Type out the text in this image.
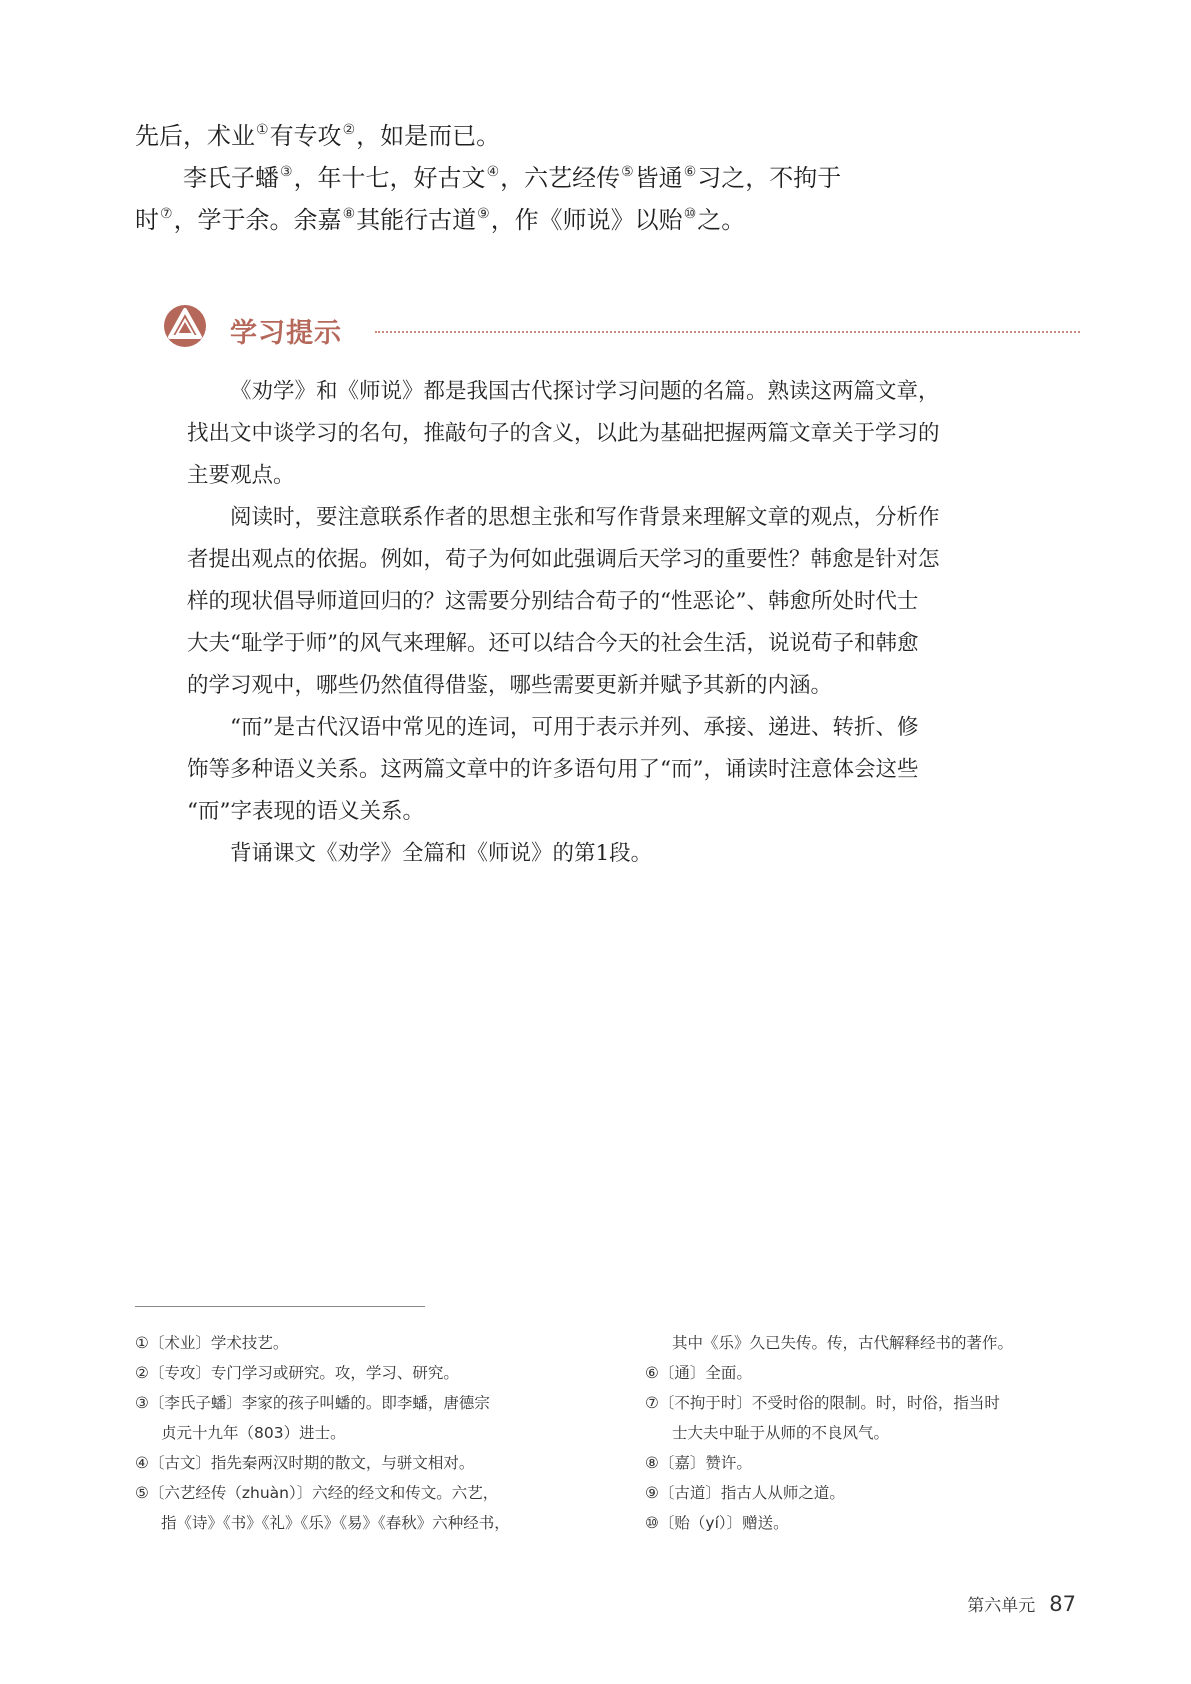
先后，术业①有专攻②，如是而已。
李氏子蟠③，年十七，好古文④，六艺经传⑤皆通⑥习之，不拘于
时⑦，学于余。余嘉⑧其能行古道⑨，作《师说》以贻⑩之。
学习提示
《劝学》和《师说》都是我国古代探讨学习问题的名篇。熟读这两篇文章，
找出文中谈学习的名句，推敲句子的含义，以此为基础把握两篇文章关于学习的
主要观点。
阅读时，要注意联系作者的思想主张和写作背景来理解文章的观点，分析作
者提出观点的依据。例如，荀子为何如此强调后天学习的重要性？韩愈是针对怎
样的现状倡导师道回归的？这需要分别结合荀子的“性恶论”、韩愈所处时代士
大夫“耻学于师”的风气来理解。还可以结合今天的社会生活，说说荀子和韩愈
的学习观中，哪些仍然值得借鉴，哪些需要更新并赋予其新的内涵。
“而”是古代汉语中常见的连词，可用于表示并列、承接、递进、转折、修
饰等多种语义关系。这两篇文章中的许多语句用了“而”，诵读时注意体会这些
“而”字表现的语义关系。
背诵课文《劝学》全篇和《师说》的第1段。
①〔术业〕学术技艺。
②〔专攻〕专门学习或研究。攻，学习、研究。
③〔李氏子蟠〕李家的孩子叫蟠的。即李蟠，唐德宗
贞元十九年（803）进士。
④〔古文〕指先秦两汉时期的散文，与骈文相对。
⑤〔六艺经传（zhuàn）〕六经的经文和传文。六艺，
指《诗》《书》《礼》《乐》《易》《春秋》六种经书，
其中《乐》久已失传。传，古代解释经书的著作。
⑥〔通〕全面。
⑦〔不拘于时〕不受时俗的限制。时，时俗，指当时
士大夫中耻于从师的不良风气。
⑧〔嘉〕赞许。
⑨〔古道〕指古人从师之道。
⑩〔贻（yí）〕赠送。
第六单元 87
